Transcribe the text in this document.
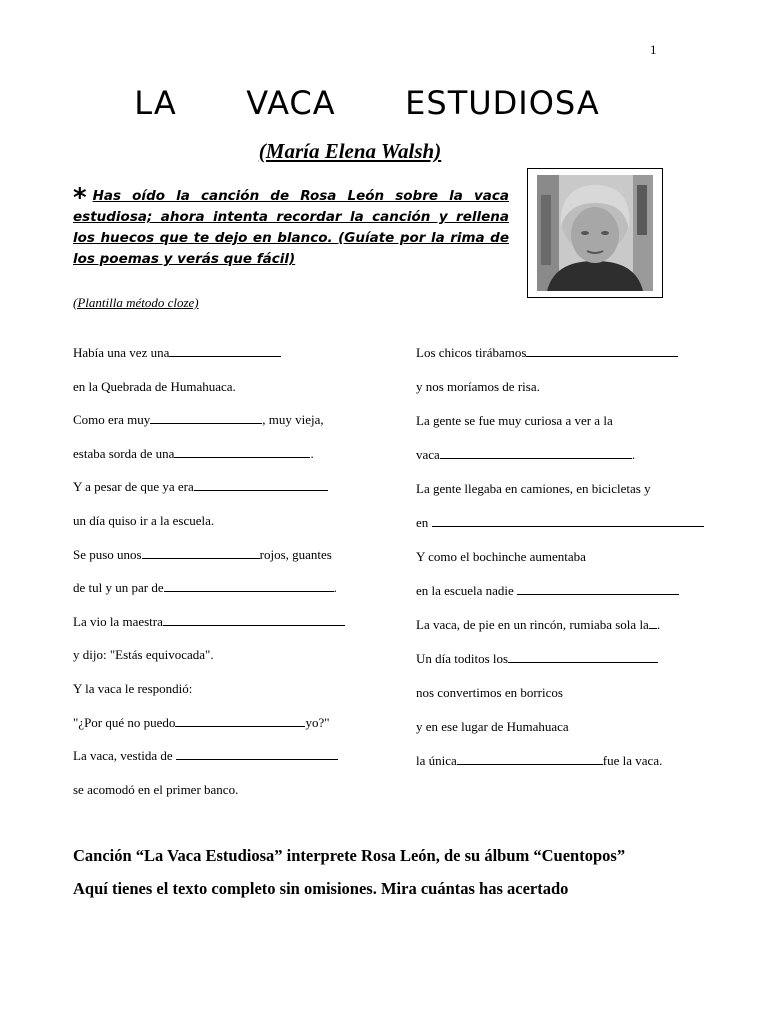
1
LA   VACA   ESTUDIOSA
(María Elena Walsh)
* Has oído la canción de Rosa León sobre la vaca estudiosa; ahora intenta recordar la canción y rellena los huecos que te dejo en blanco. (Guíate por la rima de los poemas y verás que fácil)
(Plantilla método cloze)
Había una vez una
en la Quebrada de Humahuaca.
Como era muy	, muy vieja,
estaba sorda de una	.
Y a pesar de que ya era
un día quiso ir a la escuela.
Se puso unos	rojos, guantes
de tul y un par de	.
La vio la maestra
y dijo: "Estás equivocada".
Y la vaca le respondió:
"¿Por qué no puedo	yo?"
La vaca, vestida de
se acomodó en el primer banco.
Los chicos tirábamos
y nos moríamos de risa.
La gente se fue muy curiosa a ver a la
vaca	.
La gente llegaba en camiones, en bicicletas y
en
Y como el bochinche aumentaba
en la escuela nadie
La vaca, de pie en un rincón, rumiaba sola la .
Un día toditos los
nos convertimos en borricos
y en ese lugar de Humahuaca
la única	fue la vaca.
Canción “La Vaca Estudiosa” interprete Rosa León, de su álbum “Cuentopos”
Aquí tienes el texto completo sin omisiones. Mira cuántas has acertado
